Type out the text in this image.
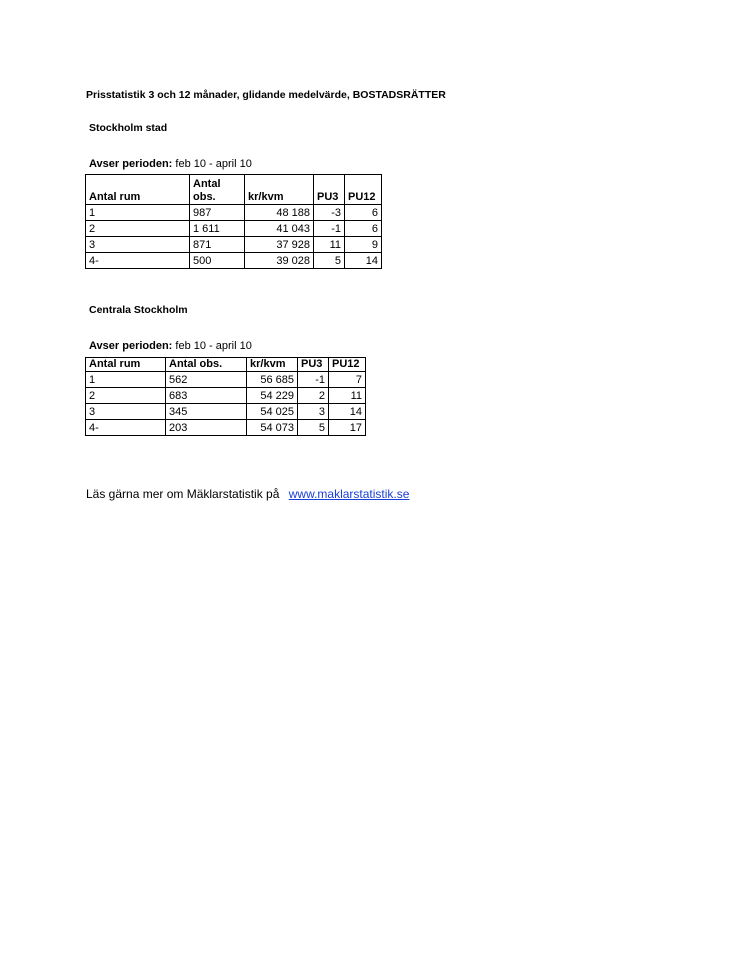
Prisstatistik 3 och 12 månader, glidande medelvärde, BOSTADSRÄTTER
Stockholm stad
Avser perioden: feb 10 - april 10
Antal rum	Antal obs.	kr/kvm	PU3	PU12
1	987	48 188	-3	6
2	1 611	41 043	-1	6
3	871	37 928	11	9
4-	500	39 028	5	14
Centrala Stockholm
Avser perioden: feb 10 - april 10
Antal rum	Antal obs.	kr/kvm	PU3	PU12
1	562	56 685	-1	7
2	683	54 229	2	11
3	345	54 025	3	14
4-	203	54 073	5	17
Läs gärna mer om Mäklarstatistik på www.maklarstatistik.se
